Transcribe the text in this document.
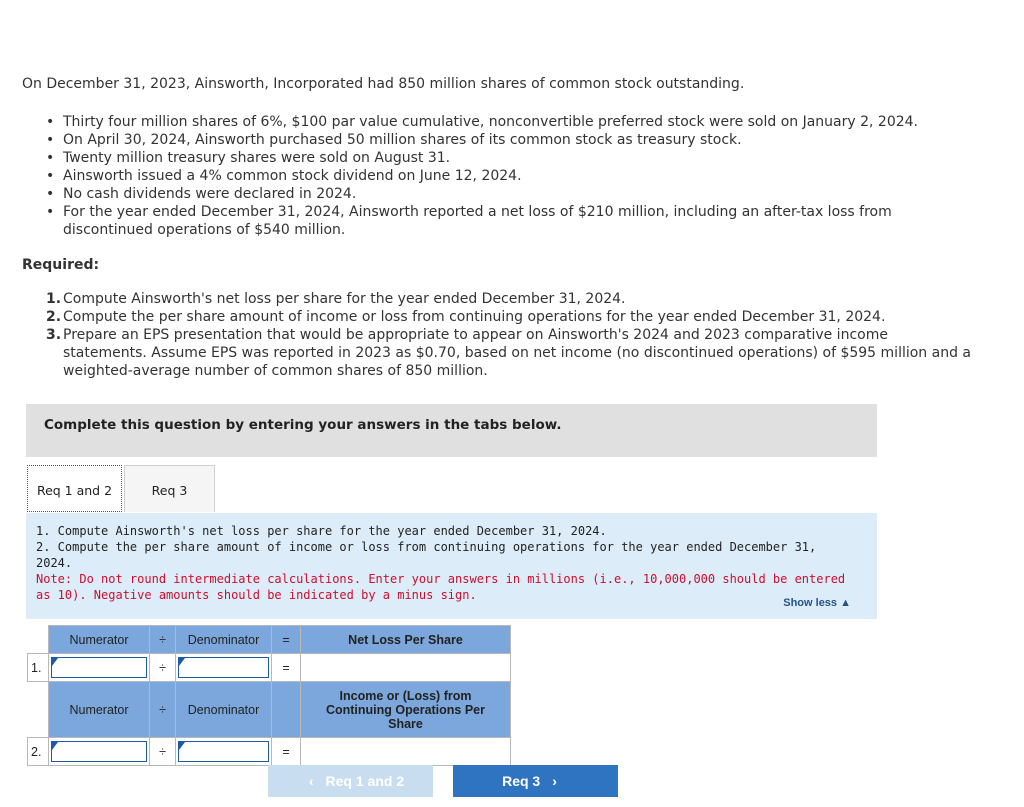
On December 31, 2023, Ainsworth, Incorporated had 850 million shares of common stock outstanding.
• Thirty four million shares of 6%, $100 par value cumulative, nonconvertible preferred stock were sold on January 2, 2024.
• On April 30, 2024, Ainsworth purchased 50 million shares of its common stock as treasury stock.
• Twenty million treasury shares were sold on August 31.
• Ainsworth issued a 4% common stock dividend on June 12, 2024.
• No cash dividends were declared in 2024.
• For the year ended December 31, 2024, Ainsworth reported a net loss of $210 million, including an after-tax loss from discontinued operations of $540 million.
Required:
1. Compute Ainsworth's net loss per share for the year ended December 31, 2024.
2. Compute the per share amount of income or loss from continuing operations for the year ended December 31, 2024.
3. Prepare an EPS presentation that would be appropriate to appear on Ainsworth's 2024 and 2023 comparative income statements. Assume EPS was reported in 2023 as $0.70, based on net income (no discontinued operations) of $595 million and a weighted-average number of common shares of 850 million.
Complete this question by entering your answers in the tabs below.
Req 1 and 2	Req 3
1. Compute Ainsworth's net loss per share for the year ended December 31, 2024.
2. Compute the per share amount of income or loss from continuing operations for the year ended December 31, 2024.
Note: Do not round intermediate calculations. Enter your answers in millions (i.e., 10,000,000 should be entered as 10). Negative amounts should be indicated by a minus sign.
Show less ▲
	Numerator	÷	Denominator	=	Net Loss Per Share
1.		÷		=	
	Numerator	÷	Denominator		Income or (Loss) from Continuing Operations Per Share
2.		÷		=	
‹ Req 1 and 2	Req 3 ›
